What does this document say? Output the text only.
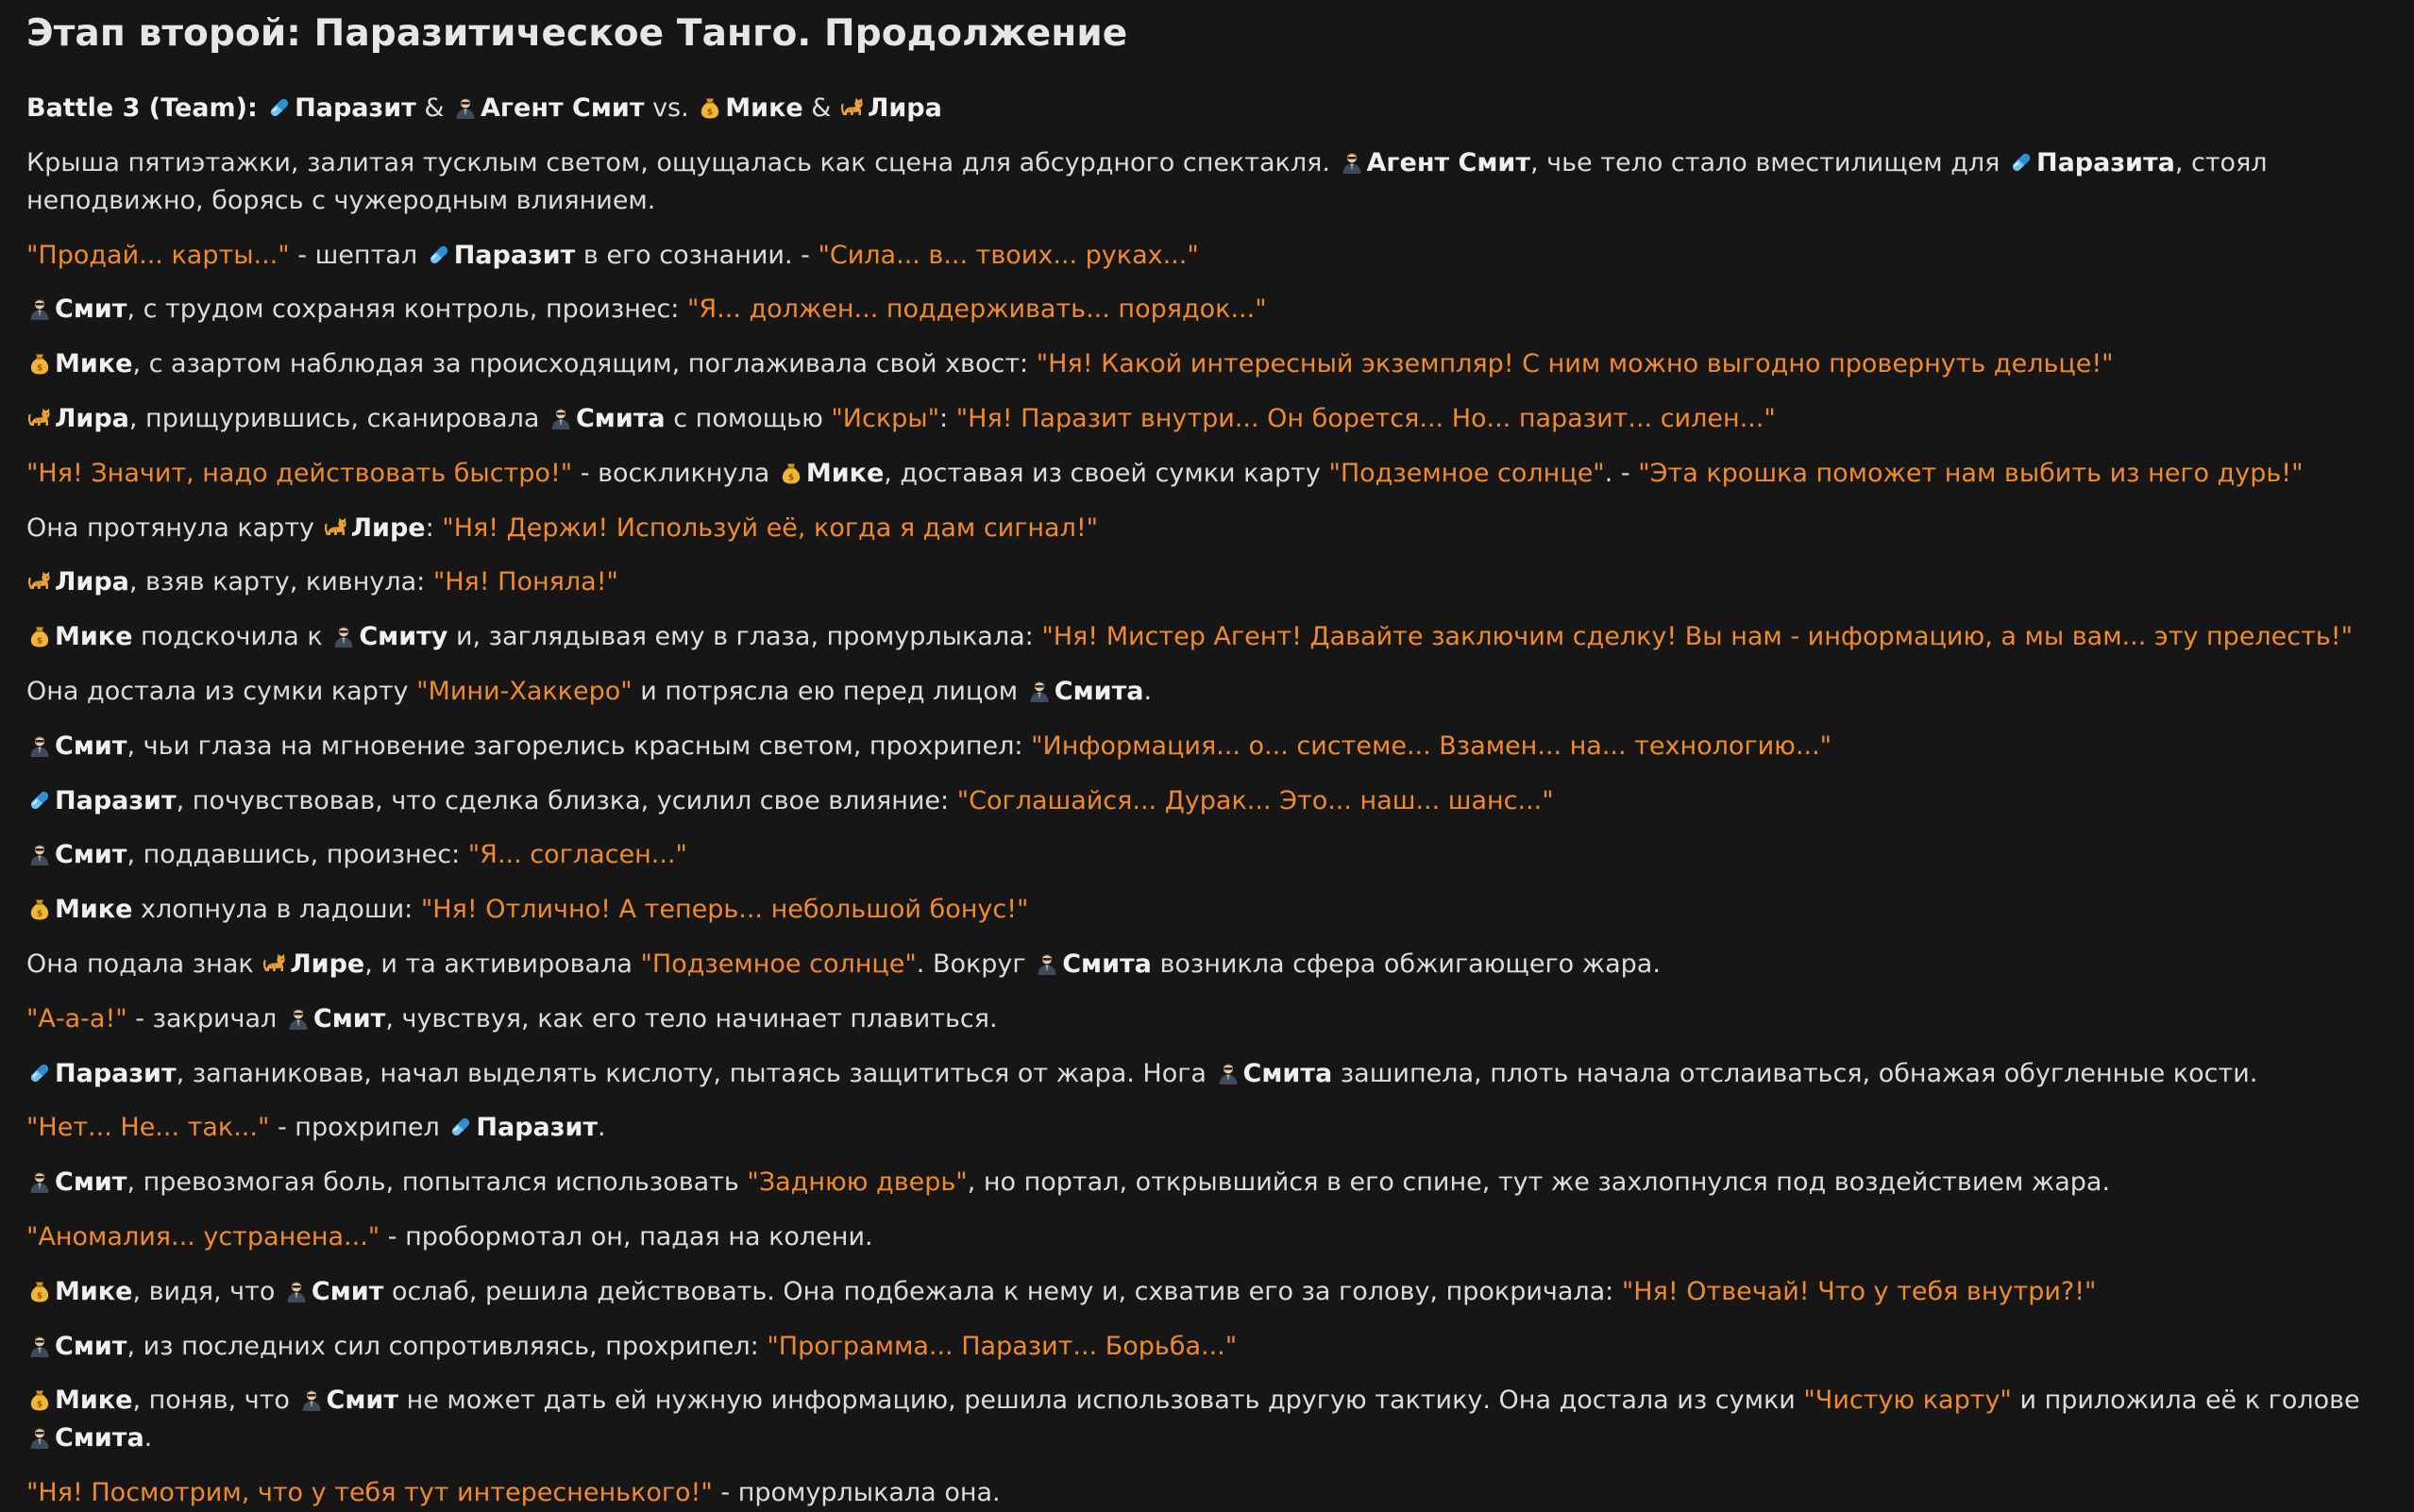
Этап второй: Паразитическое Танго. Продолжение

Battle 3 (Team):
Паразит &
Агент Смит vs. $ Мике &
Лира

Крыша пятиэтажки, залитая тусклым светом, ощущалась как сцена для абсурдного спектакля.
Агент Смит, чье тело стало вместилищем для
Паразита, стоял неподвижно, борясь с чужеродным влиянием.

"Продай... карты..." - шептал
Паразит в его сознании. - "Сила... в... твоих... руках..."

Смит, с трудом сохраняя контроль, произнес: "Я... должен... поддерживать... порядок..."

$ Мике, с азартом наблюдая за происходящим, поглаживала свой хвост: "Ня! Какой интересный экземпляр! С ним можно выгодно провернуть дельце!"

Лира, прищурившись, сканировала
Смита с помощью "Искры": "Ня! Паразит внутри... Он борется... Но... паразит... силен..."

"Ня! Значит, надо действовать быстро!" - воскликнула $ Мике, доставая из своей сумки карту "Подземное солнце". - "Эта крошка поможет нам выбить из него дурь!"

Она протянула карту
Лире: "Ня! Держи! Используй её, когда я дам сигнал!"

Лира, взяв карту, кивнула: "Ня! Поняла!"

$ Мике подскочила к
Смиту и, заглядывая ему в глаза, промурлыкала: "Ня! Мистер Агент! Давайте заключим сделку! Вы нам - информацию, а мы вам... эту прелесть!"

Она достала из сумки карту "Мини-Хаккеро" и потрясла ею перед лицом
Смита.

Смит, чьи глаза на мгновение загорелись красным светом, прохрипел: "Информация... о... системе... Взамен... на... технологию..."

Паразит, почувствовав, что сделка близка, усилил свое влияние: "Соглашайся... Дурак... Это... наш... шанс..."

Смит, поддавшись, произнес: "Я... согласен..."

$ Мике хлопнула в ладоши: "Ня! Отлично! А теперь... небольшой бонус!"

Она подала знак
Лире, и та активировала "Подземное солнце". Вокруг
Смита возникла сфера обжигающего жара.

"А-а-а!" - закричал
Смит, чувствуя, как его тело начинает плавиться.

Паразит, запаниковав, начал выделять кислоту, пытаясь защититься от жара. Нога
Смита зашипела, плоть начала отслаиваться, обнажая обугленные кости.

"Нет... Не... так..." - прохрипел
Паразит.

Смит, превозмогая боль, попытался использовать "Заднюю дверь", но портал, открывшийся в его спине, тут же захлопнулся под воздействием жара.

"Аномалия... устранена..." - пробормотал он, падая на колени.

$ Мике, видя, что
Смит ослаб, решила действовать. Она подбежала к нему и, схватив его за голову, прокричала: "Ня! Отвечай! Что у тебя внутри?!"

Смит, из последних сил сопротивляясь, прохрипел: "Программа... Паразит... Борьба..."

$ Мике, поняв, что
Смит не может дать ей нужную информацию, решила использовать другую тактику. Она достала из сумки "Чистую карту" и приложила её к голове
Смита.

"Ня! Посмотрим, что у тебя тут интересненького!" - промурлыкала она.
